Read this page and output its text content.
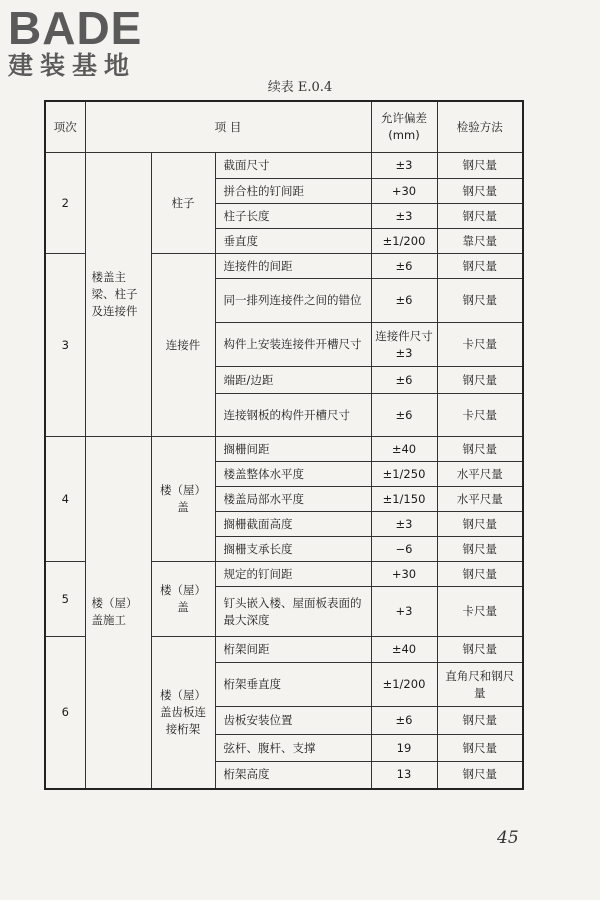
BADE
建装基地
续表 E.0.4
项次	项 目			允许偏差 (mm)	检验方法
2	楼盖主梁、柱子及连接件	柱子	截面尺寸	±3	钢尺量
			拼合柱的钉间距	+30	钢尺量
			柱子长度	±3	钢尺量
			垂直度	±1/200	靠尺量
3		连接件	连接件的间距	±6	钢尺量
			同一排列连接件之间的错位	±6	钢尺量
			构件上安装连接件开槽尺寸	连接件尺寸±3	卡尺量
			端距/边距	±6	钢尺量
			连接钢板的构件开槽尺寸	±6	卡尺量
4	楼（屋）盖施工	楼（屋）盖	搁栅间距	±40	钢尺量
			楼盖整体水平度	±1/250	水平尺量
			楼盖局部水平度	±1/150	水平尺量
			搁栅截面高度	±3	钢尺量
			搁栅支承长度	−6	钢尺量
5		楼（屋）盖	规定的钉间距	+30	钢尺量
			钉头嵌入楼、屋面板表面的最大深度	+3	卡尺量
6		楼（屋）盖齿板连接桁架	桁架间距	±40	钢尺量
			桁架垂直度	±1/200	直角尺和钢尺量
			齿板安装位置	±6	钢尺量
			弦杆、腹杆、支撑	19	钢尺量
			桁架高度	13	钢尺量
45
